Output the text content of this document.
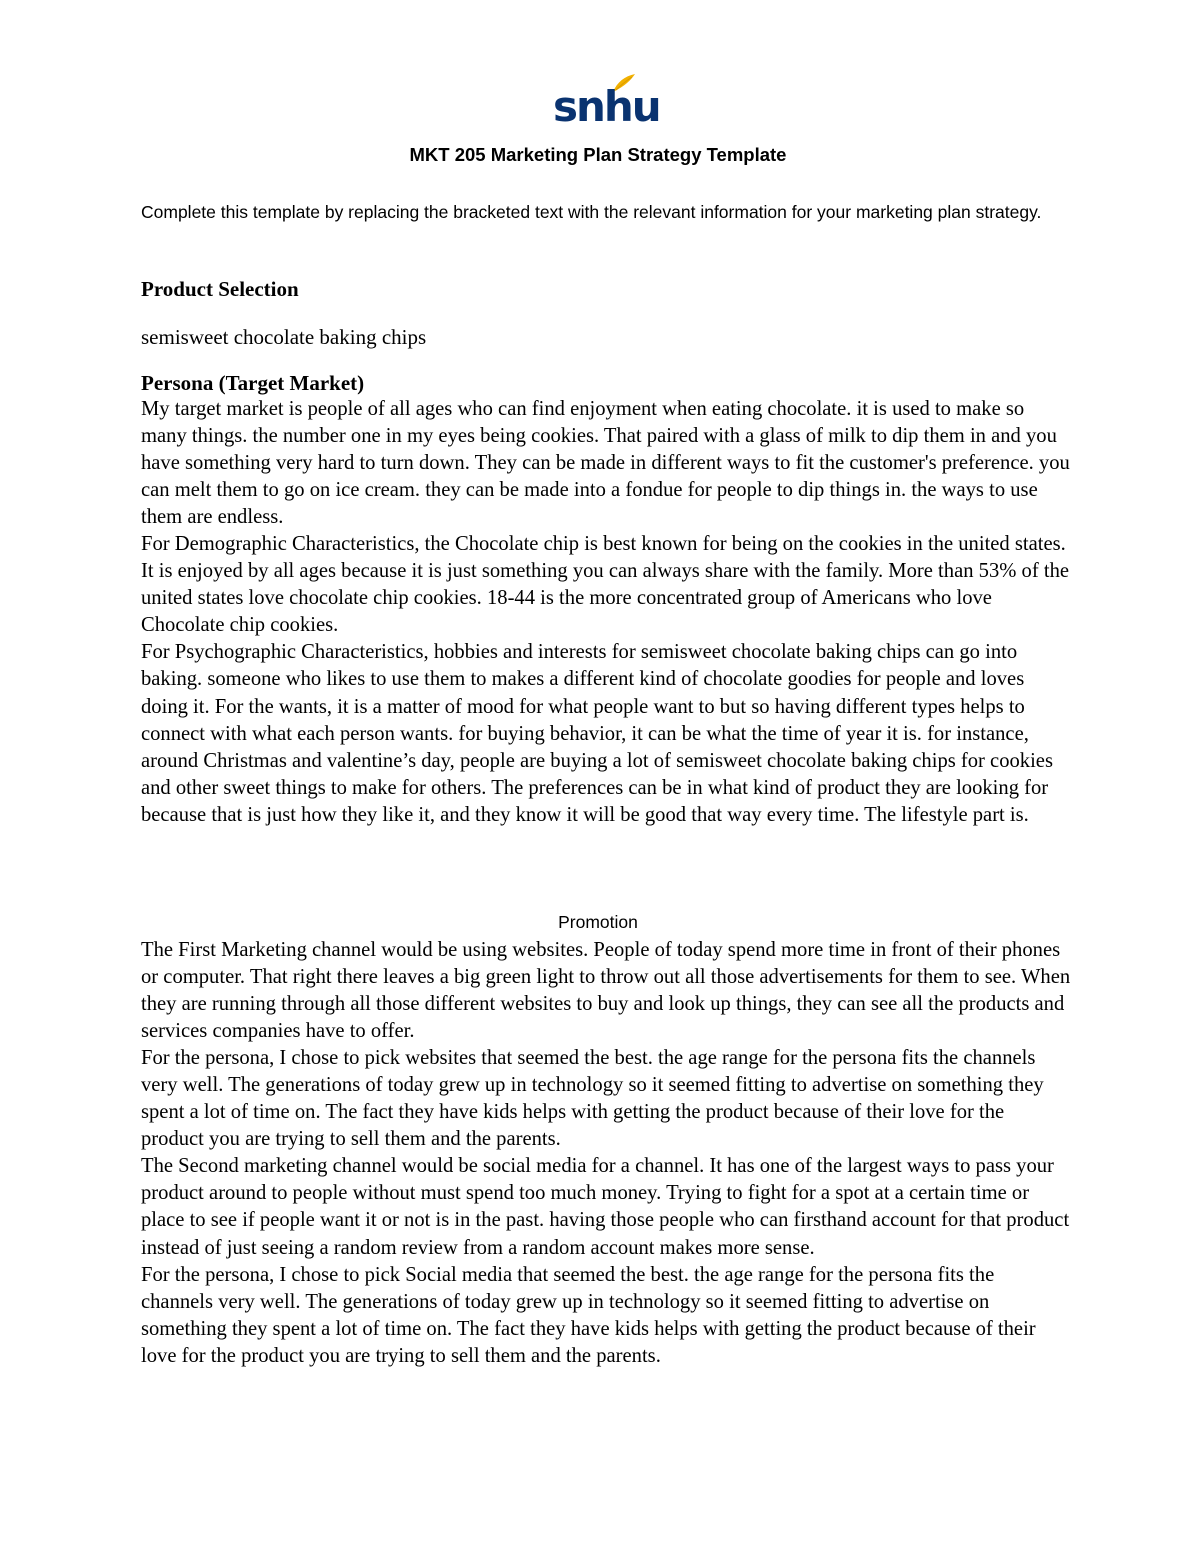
snhu
MKT 205 Marketing Plan Strategy Template
Complete this template by replacing the bracketed text with the relevant information for your marketing plan strategy.
Product Selection
semisweet chocolate baking chips
Persona (Target Market)

My target market is people of all ages who can find enjoyment when eating chocolate. it is used to make so many things. the number one in my eyes being cookies. That paired with a glass of milk to dip them in and you have something very hard to turn down. They can be made in different ways to fit the customer's preference. you can melt them to go on ice cream. they can be made into a fondue for people to dip things in. the ways to use them are endless.

For Demographic Characteristics, the Chocolate chip is best known for being on the cookies in the united states. It is enjoyed by all ages because it is just something you can always share with the family. More than 53% of the united states love chocolate chip cookies. 18-44 is the more concentrated group of Americans who love Chocolate chip cookies.

For Psychographic Characteristics, hobbies and interests for semisweet chocolate baking chips can go into baking. someone who likes to use them to makes a different kind of chocolate goodies for people and loves doing it. For the wants, it is a matter of mood for what people want to but so having different types helps to connect with what each person wants. for buying behavior, it can be what the time of year it is. for instance, around Christmas and valentine’s day, people are buying a lot of semisweet chocolate baking chips for cookies and other sweet things to make for others. The preferences can be in what kind of product they are looking for because that is just how they like it, and they know it will be good that way every time. The lifestyle part is.

Promotion

The First Marketing channel would be using websites. People of today spend more time in front of their phones or computer. That right there leaves a big green light to throw out all those advertisements for them to see. When they are running through all those different websites to buy and look up things, they can see all the products and services companies have to offer.

For the persona, I chose to pick websites that seemed the best. the age range for the persona fits the channels very well. The generations of today grew up in technology so it seemed fitting to advertise on something they spent a lot of time on. The fact they have kids helps with getting the product because of their love for the product you are trying to sell them and the parents.

The Second marketing channel would be social media for a channel. It has one of the largest ways to pass your product around to people without must spend too much money. Trying to fight for a spot at a certain time or place to see if people want it or not is in the past. having those people who can firsthand account for that product instead of just seeing a random review from a random account makes more sense.

For the persona, I chose to pick Social media that seemed the best. the age range for the persona fits the channels very well. The generations of today grew up in technology so it seemed fitting to advertise on something they spent a lot of time on. The fact they have kids helps with getting the product because of their love for the product you are trying to sell them and the parents.
